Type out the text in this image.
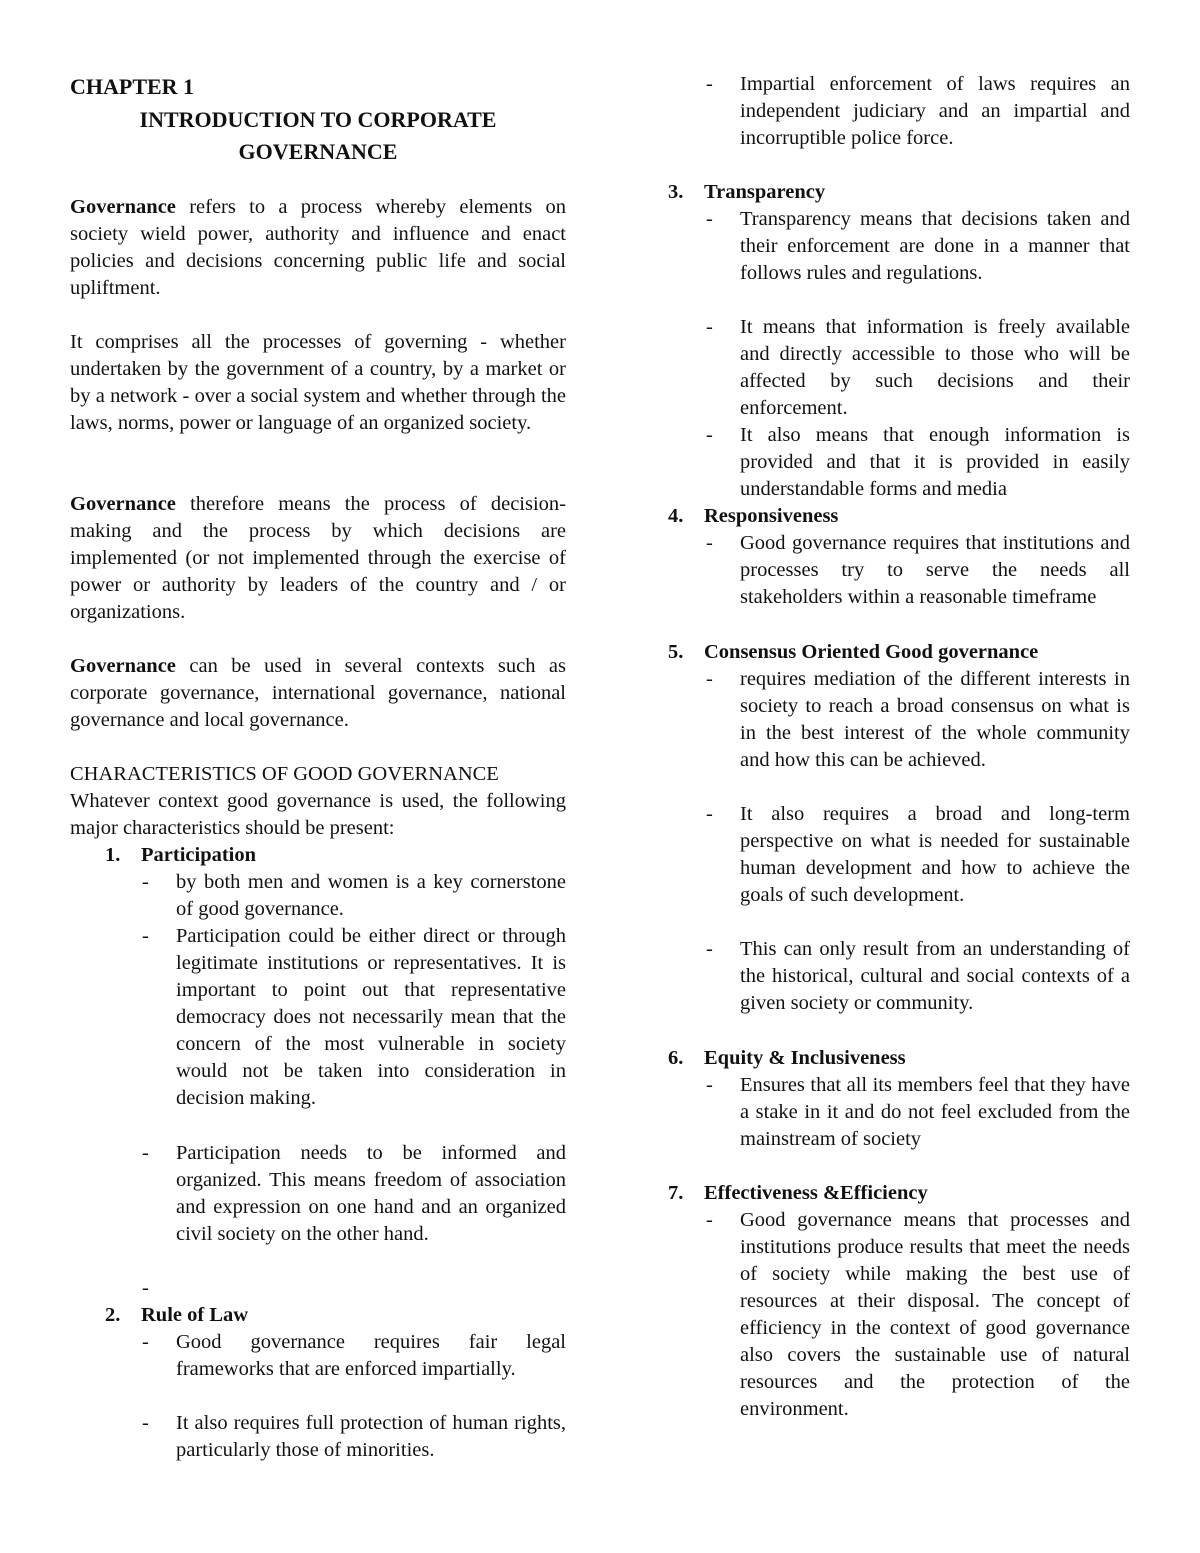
CHAPTER 1
INTRODUCTION TO CORPORATE
GOVERNANCE

Governance refers to a process whereby elements on society wield power, authority and influence and enact policies and decisions concerning public life and social upliftment.

It comprises all the processes of governing - whether undertaken by the government of a country, by a market or by a network - over a social system and whether through the laws, norms, power or language of an organized society.

Governance therefore means the process of decision-making and the process by which decisions are implemented (or not implemented through the exercise of power or authority by leaders of the country and / or organizations.

Governance can be used in several contexts such as corporate governance, international governance, national governance and local governance.

CHARACTERISTICS OF GOOD GOVERNANCE

Whatever context good governance is used, the following major characteristics should be present:

1. Participation
- by both men and women is a key cornerstone of good governance.
- Participation could be either direct or through legitimate institutions or representatives. It is important to point out that representative democracy does not necessarily mean that the concern of the most vulnerable in society would not be taken into consideration in decision making.
- Participation needs to be informed and organized. This means freedom of association and expression on one hand and an organized civil society on the other hand.
-
2. Rule of Law
- Good governance requires fair legal frameworks that are enforced impartially.
- It also requires full protection of human rights, particularly those of minorities.
- Impartial enforcement of laws requires an independent judiciary and an impartial and incorruptible police force.
3. Transparency
- Transparency means that decisions taken and their enforcement are done in a manner that follows rules and regulations.
- It means that information is freely available and directly accessible to those who will be affected by such decisions and their enforcement.
- It also means that enough information is provided and that it is provided in easily understandable forms and media
4. Responsiveness
- Good governance requires that institutions and processes try to serve the needs all stakeholders within a reasonable timeframe
5. Consensus Oriented Good governance
- requires mediation of the different interests in society to reach a broad consensus on what is in the best interest of the whole community and how this can be achieved.
- It also requires a broad and long-term perspective on what is needed for sustainable human development and how to achieve the goals of such development.
- This can only result from an understanding of the historical, cultural and social contexts of a given society or community.
6. Equity & Inclusiveness
- Ensures that all its members feel that they have a stake in it and do not feel excluded from the mainstream of society
7. Effectiveness &Efficiency
- Good governance means that processes and institutions produce results that meet the needs of society while making the best use of resources at their disposal. The concept of efficiency in the context of good governance also covers the sustainable use of natural resources and the protection of the environment.
